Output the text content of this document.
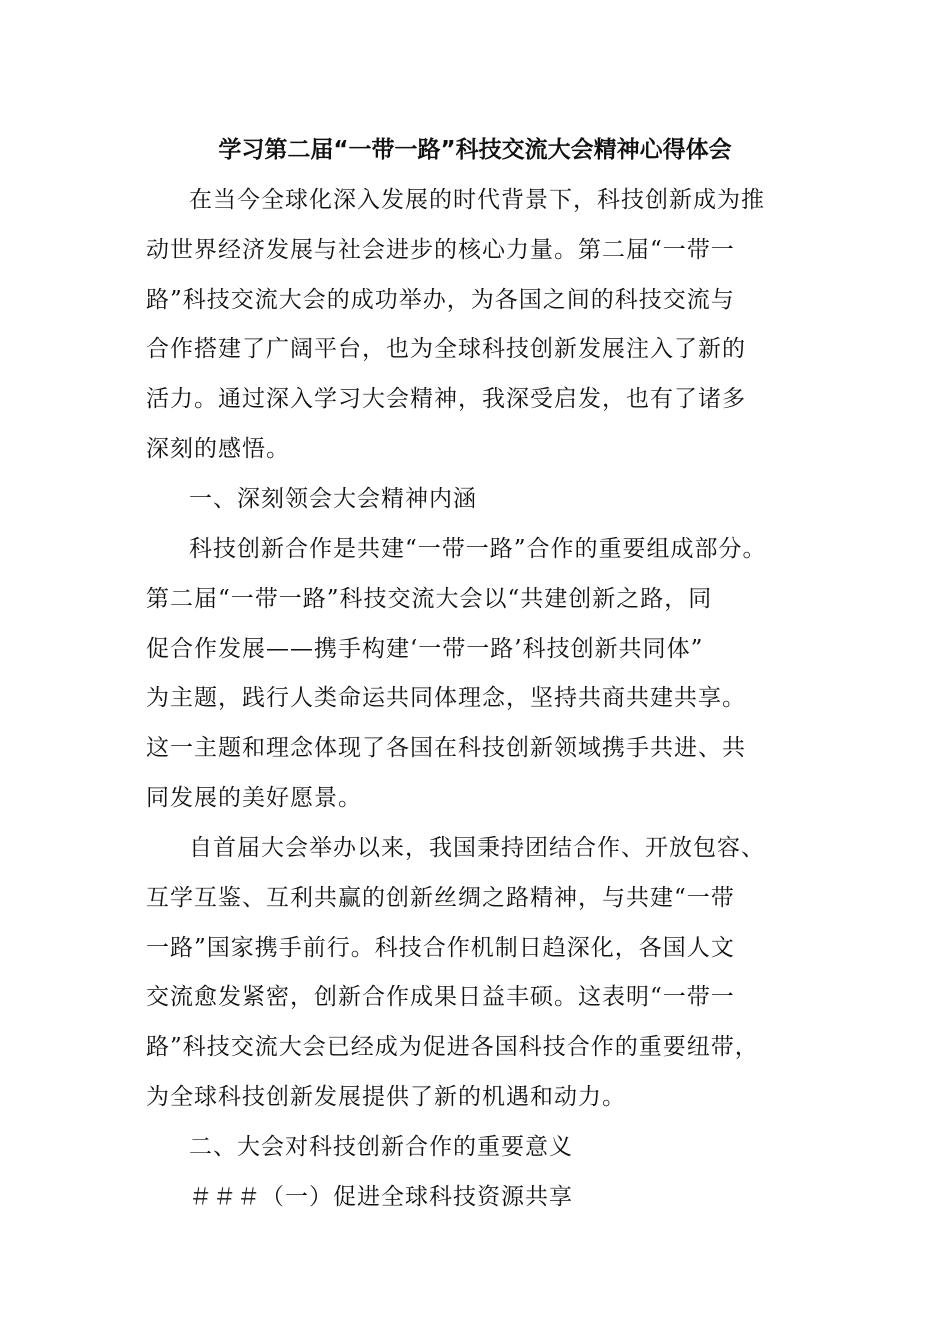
学习第二届“一带一路”科技交流大会精神心得体会
在当今全球化深入发展的时代背景下，科技创新成为推
动世界经济发展与社会进步的核心力量。第二届“一带一
路”科技交流大会的成功举办，为各国之间的科技交流与
合作搭建了广阔平台，也为全球科技创新发展注入了新的
活力。通过深入学习大会精神，我深受启发，也有了诸多
深刻的感悟。
一、深刻领会大会精神内涵
科技创新合作是共建“一带一路”合作的重要组成部分。
第二届“一带一路”科技交流大会以“共建创新之路，同
促合作发展——携手构建‘一带一路’科技创新共同体”
为主题，践行人类命运共同体理念，坚持共商共建共享。
这一主题和理念体现了各国在科技创新领域携手共进、共
同发展的美好愿景。
自首届大会举办以来，我国秉持团结合作、开放包容、
互学互鉴、互利共赢的创新丝绸之路精神，与共建“一带
一路”国家携手前行。科技合作机制日趋深化，各国人文
交流愈发紧密，创新合作成果日益丰硕。这表明“一带一
路”科技交流大会已经成为促进各国科技合作的重要纽带，
为全球科技创新发展提供了新的机遇和动力。
二、大会对科技创新合作的重要意义
＃＃＃（一）促进全球科技资源共享
